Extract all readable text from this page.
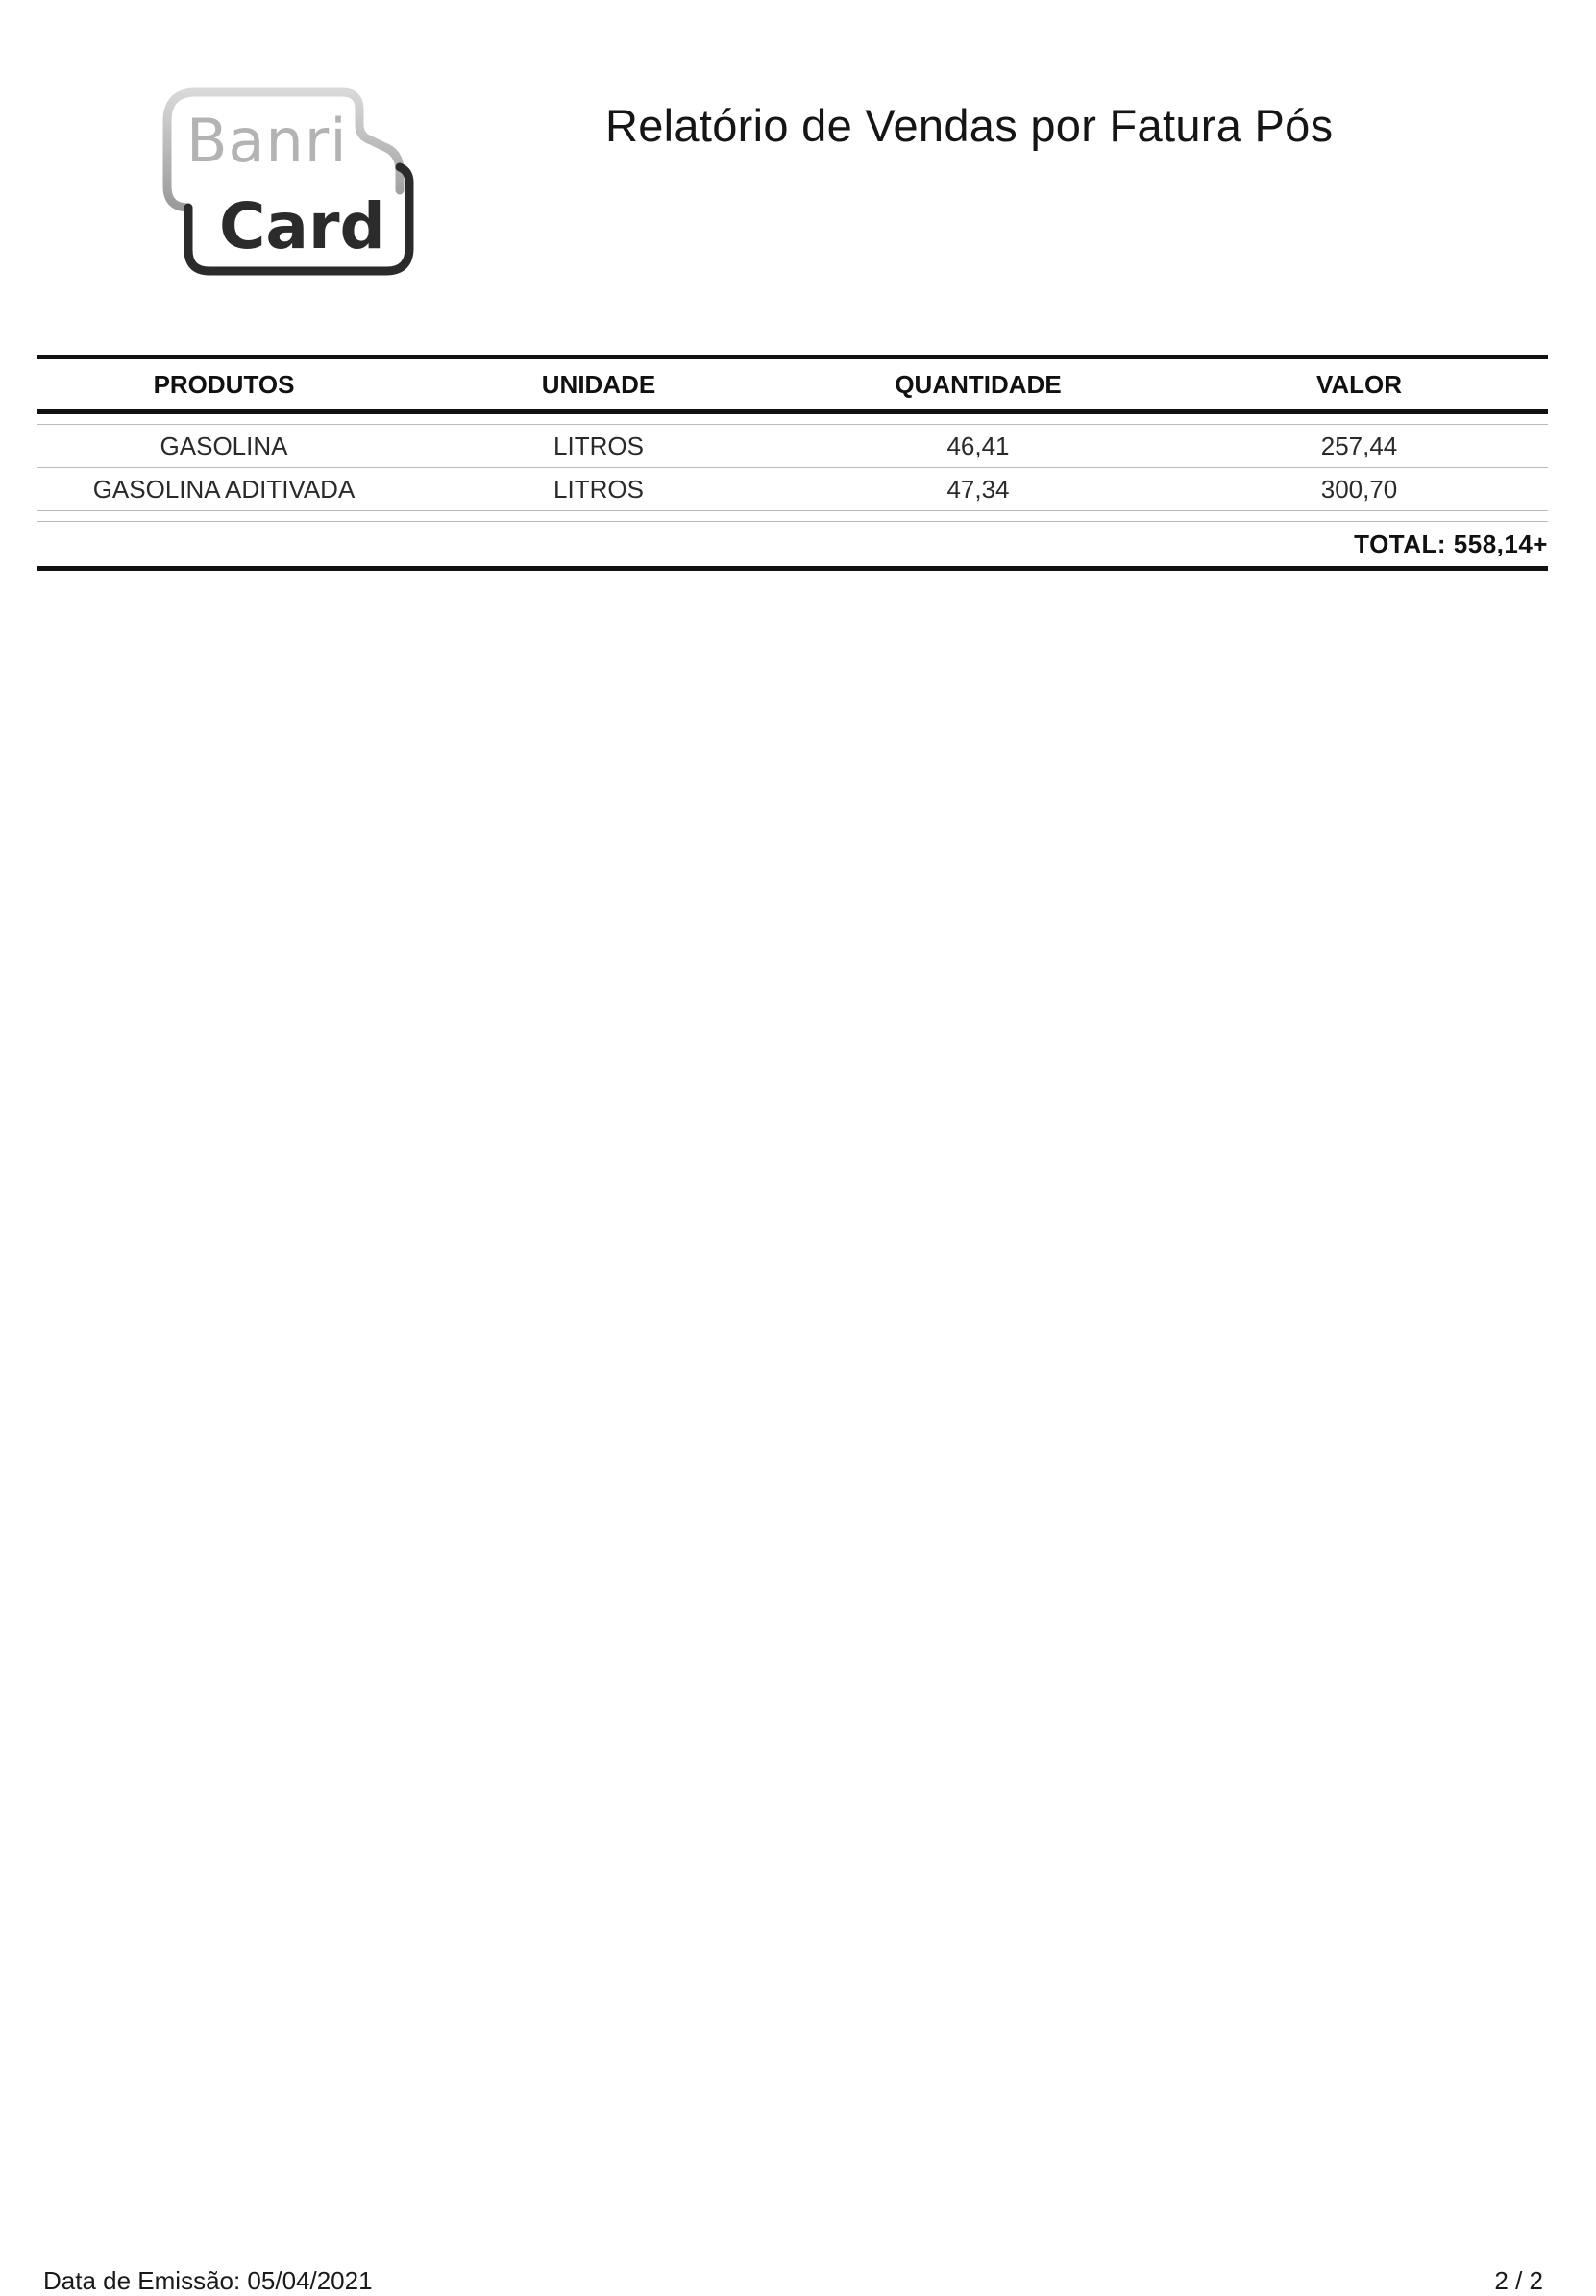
Banri
Card
Relatório de Vendas por Fatura Pós
PRODUTOS	UNIDADE	QUANTIDADE	VALOR
GASOLINA	LITROS	46,41	257,44
GASOLINA ADITIVADA	LITROS	47,34	300,70
TOTAL: 558,14+
Data de Emissão: 05/04/2021	2 / 2
